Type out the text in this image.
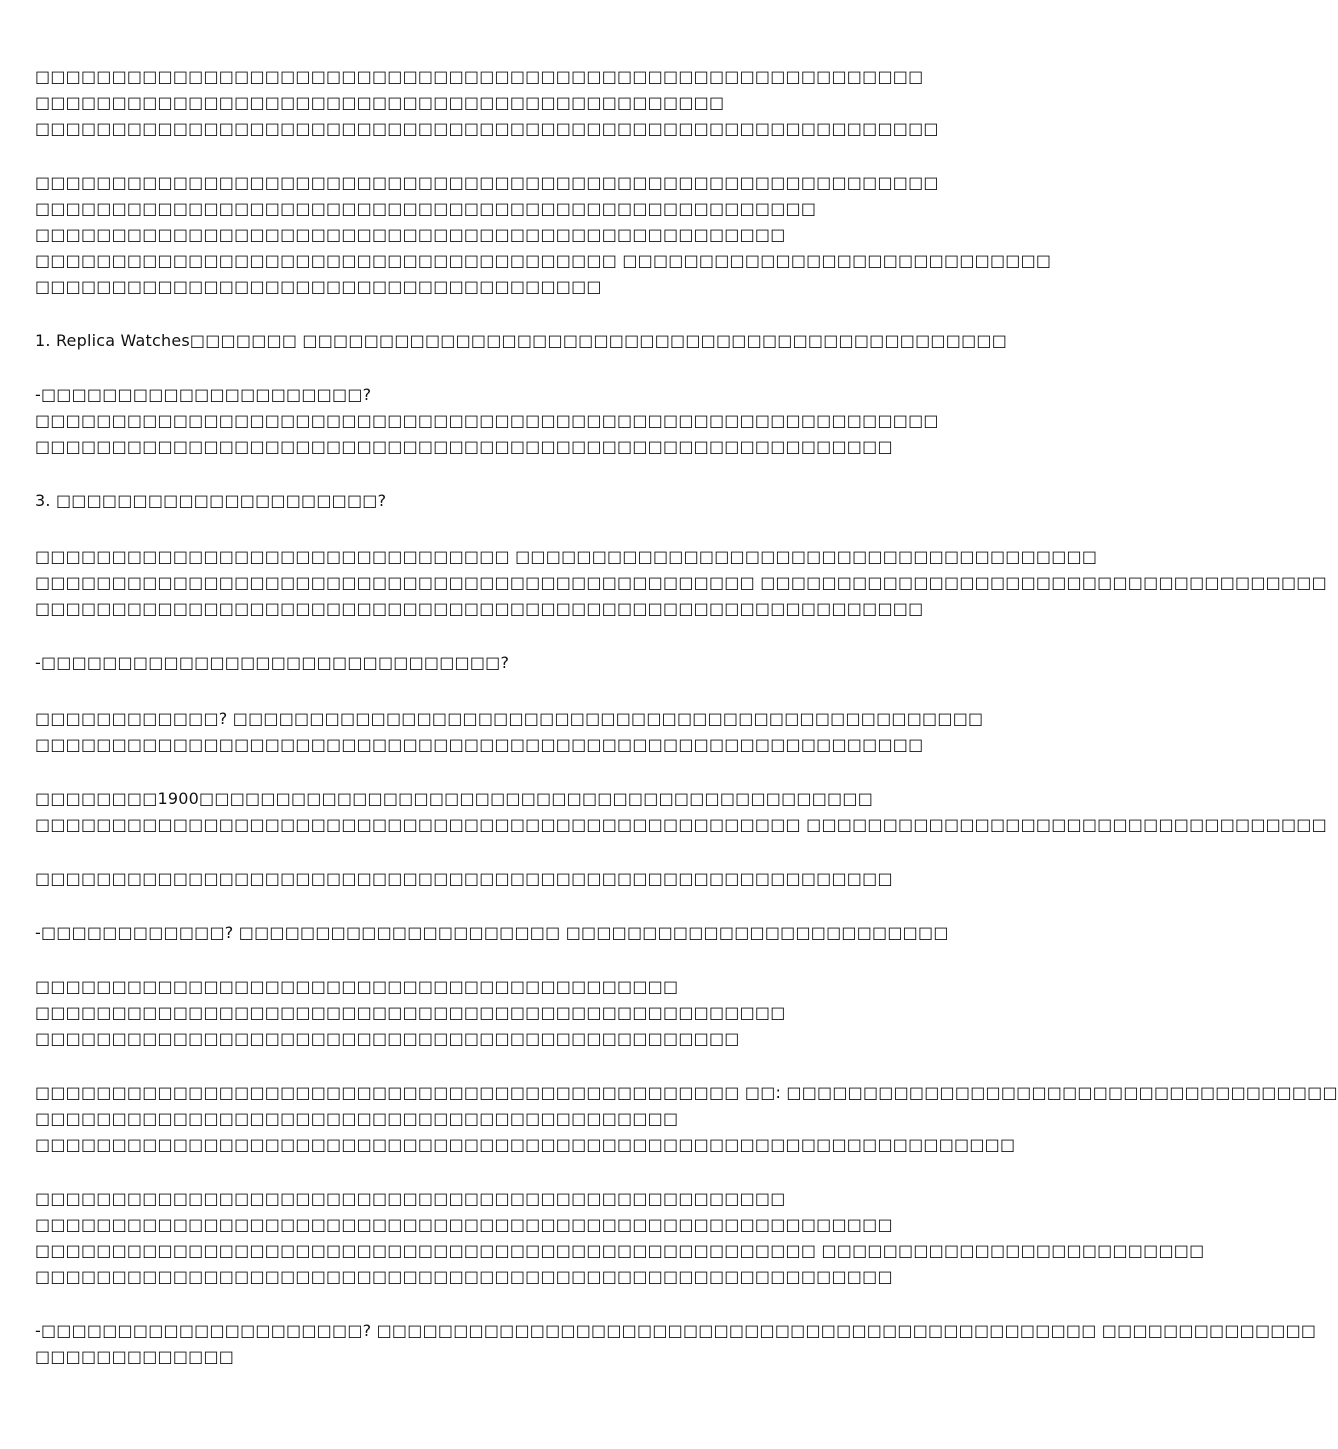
□□□□□□□□□□□□□□□□□□□□□□□□□□□□□□□□□□□□□□□□□□□□□□□□□□□□□□□□□□
□□□□□□□□□□□□□□□□□□□□□□□□□□□□□□□□□□□□□□□□□□□□□
□□□□□□□□□□□□□□□□□□□□□□□□□□□□□□□□□□□□□□□□□□□□□□□□□□□□□□□□□□□
□□□□□□□□□□□□□□□□□□□□□□□□□□□□□□□□□□□□□□□□□□□□□□□□□□□□□□□□□□□
□□□□□□□□□□□□□□□□□□□□□□□□□□□□□□□□□□□□□□□□□□□□□□□□□□□
□□□□□□□□□□□□□□□□□□□□□□□□□□□□□□□□□□□□□□□□□□□□□□□□□
□□□□□□□□□□□□□□□□□□□□□□□□□□□□□□□□□□□□□□ □□□□□□□□□□□□□□□□□□□□□□□□□□□□
□□□□□□□□□□□□□□□□□□□□□□□□□□□□□□□□□□□□□
1. Replica Watches□□□□□□□ □□□□□□□□□□□□□□□□□□□□□□□□□□□□□□□□□□□□□□□□□□□□□□
-□□□□□□□□□□□□□□□□□□□□□?
□□□□□□□□□□□□□□□□□□□□□□□□□□□□□□□□□□□□□□□□□□□□□□□□□□□□□□□□□□□
□□□□□□□□□□□□□□□□□□□□□□□□□□□□□□□□□□□□□□□□□□□□□□□□□□□□□□□□
3. □□□□□□□□□□□□□□□□□□□□□?
□□□□□□□□□□□□□□□□□□□□□□□□□□□□□□□ □□□□□□□□□□□□□□□□□□□□□□□□□□□□□□□□□□□□□□
□□□□□□□□□□□□□□□□□□□□□□□□□□□□□□□□□□□□□□□□□□□□□□□ □□□□□□□□□□□□□□□□□□□□□□□□□□□□□□□□□□□□□
□□□□□□□□□□□□□□□□□□□□□□□□□□□□□□□□□□□□□□□□□□□□□□□□□□□□□□□□□□
-□□□□□□□□□□□□□□□□□□□□□□□□□□□□□□?
□□□□□□□□□□□□? □□□□□□□□□□□□□□□□□□□□□□□□□□□□□□□□□□□□□□□□□□□□□□□□□
□□□□□□□□□□□□□□□□□□□□□□□□□□□□□□□□□□□□□□□□□□□□□□□□□□□□□□□□□□
□□□□□□□□1900□□□□□□□□□□□□□□□□□□□□□□□□□□□□□□□□□□□□□□□□□□□□
□□□□□□□□□□□□□□□□□□□□□□□□□□□□□□□□□□□□□□□□□□□□□□□□□□ □□□□□□□□□□□□□□□□□□□□□□□□□□□□□□□□□□
□□□□□□□□□□□□□□□□□□□□□□□□□□□□□□□□□□□□□□□□□□□□□□□□□□□□□□□□
-□□□□□□□□□□□□? □□□□□□□□□□□□□□□□□□□□□ □□□□□□□□□□□□□□□□□□□□□□□□□
□□□□□□□□□□□□□□□□□□□□□□□□□□□□□□□□□□□□□□□□□□
□□□□□□□□□□□□□□□□□□□□□□□□□□□□□□□□□□□□□□□□□□□□□□□□□
□□□□□□□□□□□□□□□□□□□□□□□□□□□□□□□□□□□□□□□□□□□□□□
□□□□□□□□□□□□□□□□□□□□□□□□□□□□□□□□□□□□□□□□□□□□□□ □□: □□□□□□□□□□□□□□□□□□□□□□□□□□□□□□□□□□□□
□□□□□□□□□□□□□□□□□□□□□□□□□□□□□□□□□□□□□□□□□□
□□□□□□□□□□□□□□□□□□□□□□□□□□□□□□□□□□□□□□□□□□□□□□□□□□□□□□□□□□□□□□□□
□□□□□□□□□□□□□□□□□□□□□□□□□□□□□□□□□□□□□□□□□□□□□□□□□
□□□□□□□□□□□□□□□□□□□□□□□□□□□□□□□□□□□□□□□□□□□□□□□□□□□□□□□□
□□□□□□□□□□□□□□□□□□□□□□□□□□□□□□□□□□□□□□□□□□□□□□□□□□□ □□□□□□□□□□□□□□□□□□□□□□□□□
□□□□□□□□□□□□□□□□□□□□□□□□□□□□□□□□□□□□□□□□□□□□□□□□□□□□□□□□
-□□□□□□□□□□□□□□□□□□□□□? □□□□□□□□□□□□□□□□□□□□□□□□□□□□□□□□□□□□□□□□□□□□□□□ □□□□□□□□□□□□□□
□□□□□□□□□□□□□
